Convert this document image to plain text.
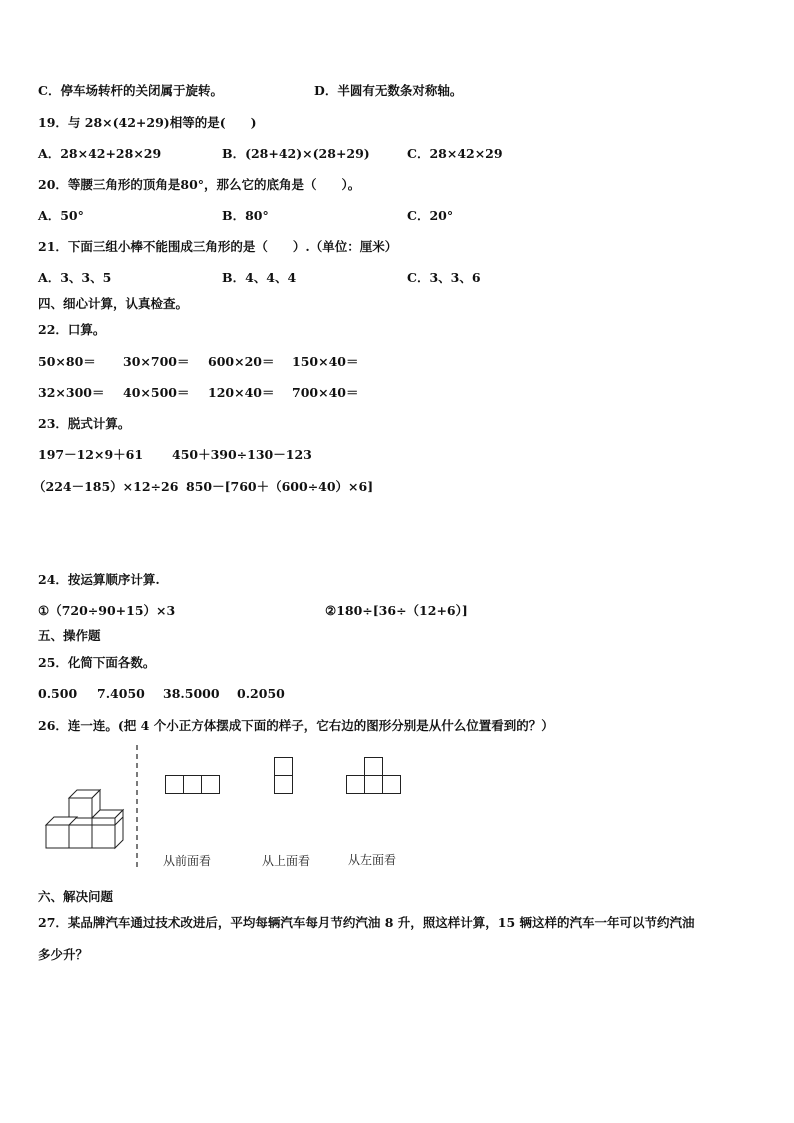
C．停车场转杆的关闭属于旋转。	D．半圆有无数条对称轴。
19．与 28×(42+29)相等的是(　　)
A．28×42+28×29	B．(28+42)×(28+29)	C．28×42×29
20．等腰三角形的顶角是80°，那么它的底角是（　　）。
A．50°	B．80°	C．20°
21．下面三组小棒不能围成三角形的是（　　）.（单位：厘米）
A．3、3、5	B．4、4、4	C．3、3、6
四、细心计算，认真检查。
22．口算。
50×80＝ 30×700＝ 600×20＝ 150×40＝
32×300＝ 40×500＝ 120×40＝ 700×40＝
23．脱式计算。
197－12×9＋61 450＋390÷130－123
（224－185）×12÷26 850－[760＋（600÷40）×6]
24．按运算顺序计算.
①（720÷90+15）×3	②180÷[36÷（12+6）]
五、操作题
25．化简下面各数。
0.500 7.4050 38.5000 0.2050
26．连一连。(把 4 个小正方体摆成下面的样子，它右边的图形分别是从什么位置看到的？）
从前面看	从上面看	从左面看
六、解决问题
27．某品牌汽车通过技术改进后，平均每辆汽车每月节约汽油 8 升，照这样计算，15 辆这样的汽车一年可以节约汽油
多少升？
